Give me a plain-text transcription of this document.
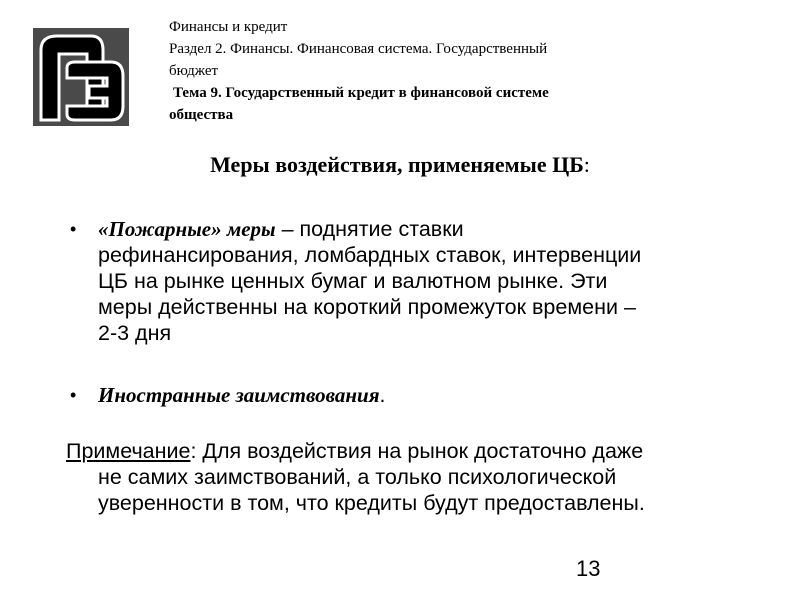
Финансы и кредит
Раздел 2. Финансы. Финансовая система. Государственный
бюджет
Тема 9. Государственный кредит в финансовой системе
общества
Меры воздействия, применяемые ЦБ:
• «Пожарные» меры – поднятие ставки
рефинансирования, ломбардных ставок, интервенции
ЦБ на рынке ценных бумаг и валютном рынке. Эти
меры действенны на короткий промежуток времени –
2-3 дня
• Иностранные заимствования.
Примечание: Для воздействия на рынок достаточно даже
не самих заимствований, а только психологической
уверенности в том, что кредиты будут предоставлены.
13
